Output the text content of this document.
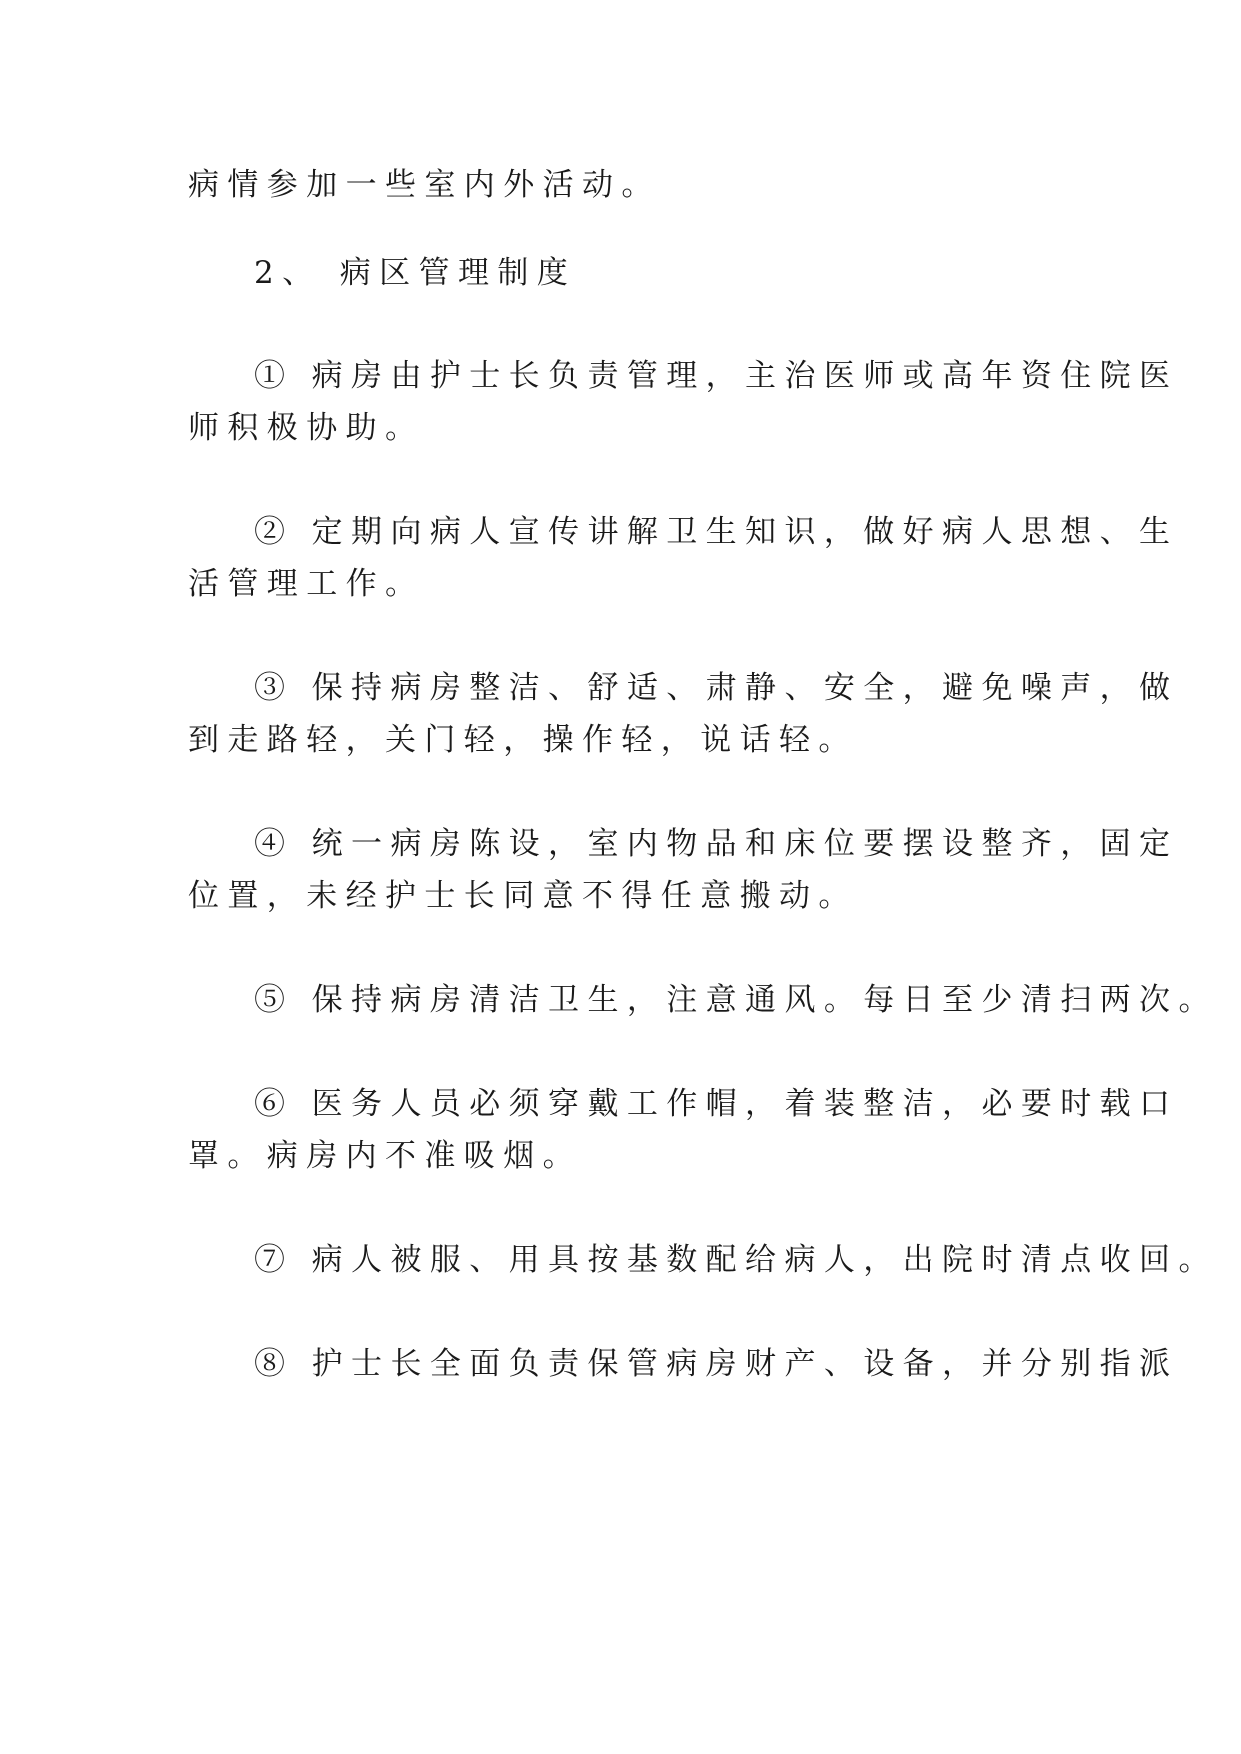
病情参加一些室内外活动。
2、 病区管理制度
① 病房由护士长负责管理，主治医师或高年资住院医
师积极协助。
② 定期向病人宣传讲解卫生知识，做好病人思想、生
活管理工作。
③ 保持病房整洁、舒适、肃静、安全，避免噪声，做
到走路轻，关门轻，操作轻，说话轻。
④ 统一病房陈设，室内物品和床位要摆设整齐，固定
位置，未经护士长同意不得任意搬动。
⑤ 保持病房清洁卫生，注意通风。每日至少清扫两次。
⑥ 医务人员必须穿戴工作帽，着装整洁，必要时载口
罩。病房内不准吸烟。
⑦ 病人被服、用具按基数配给病人，出院时清点收回。
⑧ 护士长全面负责保管病房财产、设备，并分别指派
